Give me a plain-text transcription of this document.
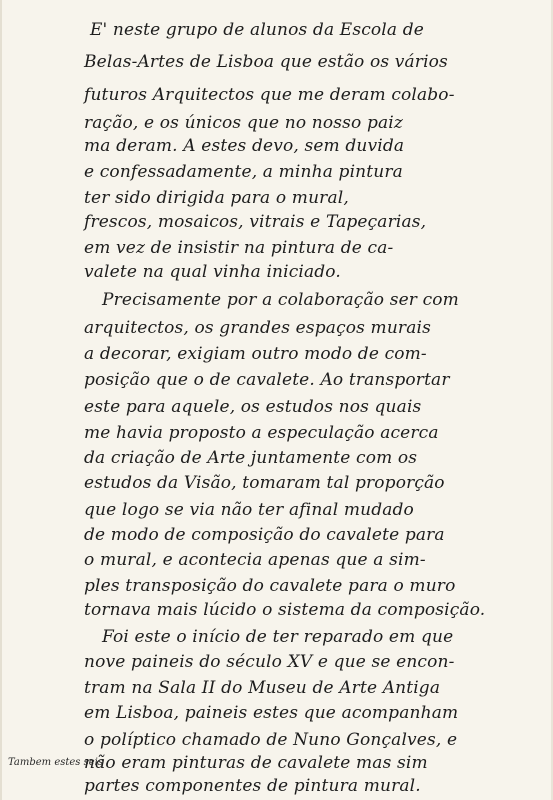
E' neste grupo de alunos da Escola de

Belas-Artes de Lisboa que estão os vários

futuros Arquitectos que me deram colabo-

ração, e os únicos que no nosso paiz

ma deram. A estes devo, sem duvida

e confessadamente, a minha pintura

ter sido dirigida para o mural,

frescos, mosaicos, vitrais e Tapeçarias,

em vez de insistir na pintura de ca-

valete na qual vinha iniciado.

Precisamente por a colaboração ser com

arquitectos, os grandes espaços murais

a decorar, exigiam outro modo de com-

posição que o de cavalete. Ao transportar

este para aquele, os estudos nos quais

me havia proposto a especulação acerca

da criação de Arte juntamente com os

estudos da Visão, tomaram tal proporção

que logo se via não ter afinal mudado

de modo de composição do cavalete para

o mural, e acontecia apenas que a sim-

ples transposição do cavalete para o muro

tornava mais lúcido o sistema da composição.

Foi este o início de ter reparado em que

nove paineis do século XV e que se encon-

tram na Sala II do Museu de Arte Antiga

em Lisboa, paineis estes que acompanham

o políptico chamado de Nuno Gonçalves, e

não eram pinturas de cavalete mas sim

partes componentes de pintura mural.

Tambem estes seis
